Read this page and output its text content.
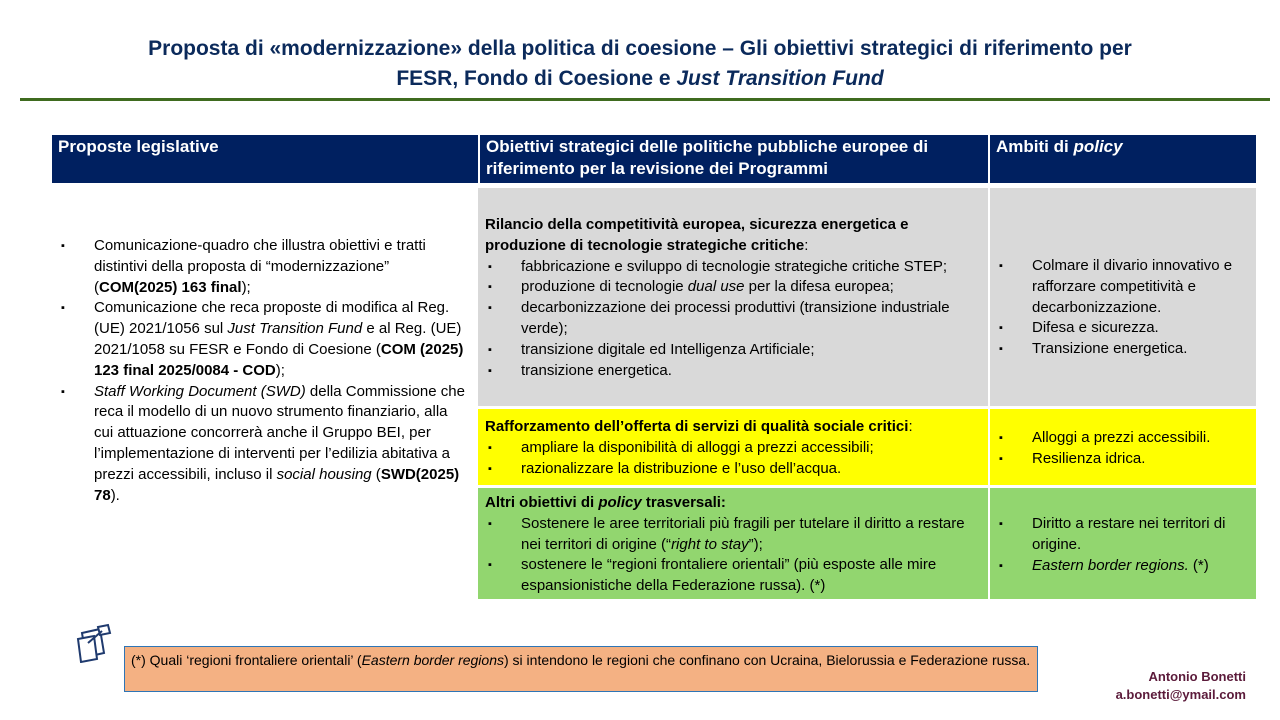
Proposta di «modernizzazione» della politica di coesione – Gli obiettivi strategici di riferimento per
FESR, Fondo di Coesione e Just Transition Fund
Proposte legislative	Obiettivi strategici delle politiche pubbliche europee di riferimento per la revisione dei Programmi
Ambiti di policy
▪ Comunicazione-quadro che illustra obiettivi e tratti distintivi della proposta di “modernizzazione” (COM(2025) 163 final);
▪ Comunicazione che reca proposte di modifica al Reg. (UE) 2021/1056 sul Just Transition Fund e al Reg. (UE) 2021/1058 su FESR e Fondo di Coesione (COM (2025) 123 final 2025/0084 - COD);
▪ Staff Working Document (SWD) della Commissione che reca il modello di un nuovo strumento finanziario, alla cui attuazione concorrerà anche il Gruppo BEI, per l’implementazione di interventi per l’edilizia abitativa a prezzi accessibili, incluso il social housing (SWD(2025) 78).
Rilancio della competitività europea, sicurezza energetica e produzione di tecnologie strategiche critiche:
▪ fabbricazione e sviluppo di tecnologie strategiche critiche STEP;
▪ produzione di tecnologie dual use per la difesa europea;
▪ decarbonizzazione dei processi produttivi (transizione industriale verde);
▪ transizione digitale ed Intelligenza Artificiale;
▪ transizione energetica.
▪ Colmare il divario innovativo e rafforzare competitività e decarbonizzazione.
▪ Difesa e sicurezza.
▪ Transizione energetica.
Rafforzamento dell’offerta di servizi di qualità sociale critici:
▪ ampliare la disponibilità di alloggi a prezzi accessibili;
▪ razionalizzare la distribuzione e l’uso dell’acqua.
▪ Alloggi a prezzi accessibili.
▪ Resilienza idrica.
Altri obiettivi di policy trasversali:
▪ Sostenere le aree territoriali più fragili per tutelare il diritto a restare nei territori di origine (“right to stay”);
▪ sostenere le “regioni frontaliere orientali” (più esposte alle mire espansionistiche della Federazione russa). (*)
▪ Diritto a restare nei territori di origine.
▪ Eastern border regions. (*)
(*) Quali ‘regioni frontaliere orientali’ (Eastern border regions) si intendono le regioni che confinano con Ucraina, Bielorussia e Federazione russa.
Antonio Bonetti
a.bonetti@ymail.com
